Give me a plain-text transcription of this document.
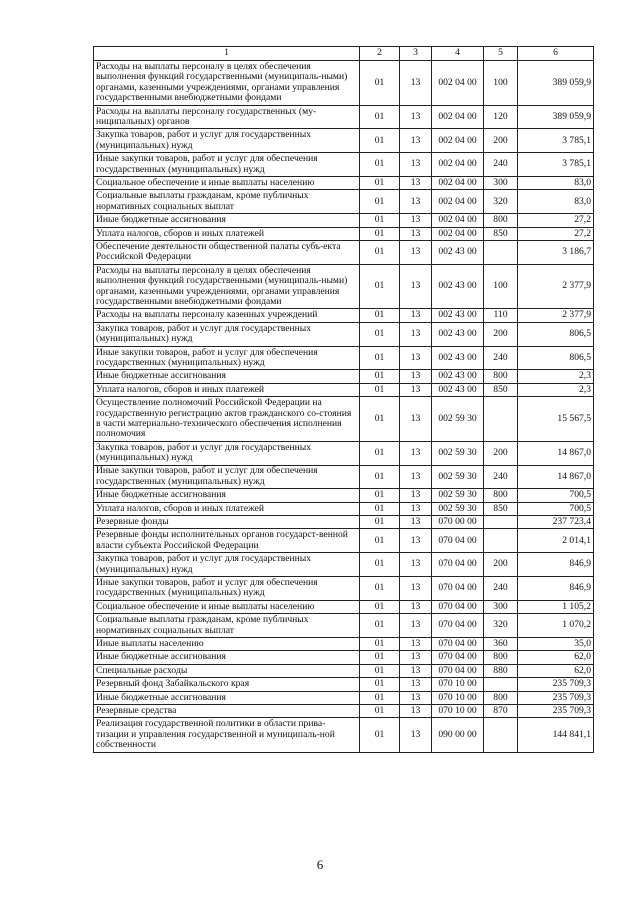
1	2	3	4	5	6
Расходы на выплаты персоналу в целях обеспечения выполнения функций государственными (муниципаль-ными) органами, казенными учреждениями, органами управления государственными внебюджетными фондами	01	13	002 04 00	100	389 059,9
Расходы на выплаты персоналу государственных (му-ниципальных) органов	01	13	002 04 00	120	389 059,9
Закупка товаров, работ и услуг для государственных (муниципальных) нужд	01	13	002 04 00	200	3 785,1
Иные закупки товаров, работ и услуг для обеспечения государственных (муниципальных) нужд	01	13	002 04 00	240	3 785,1
Социальное обеспечение и иные выплаты населению	01	13	002 04 00	300	83,0
Социальные выплаты гражданам, кроме публичных нормативных социальных выплат	01	13	002 04 00	320	83,0
Иные бюджетные ассигнования	01	13	002 04 00	800	27,2
Уплата налогов, сборов и иных платежей	01	13	002 04 00	850	27,2
Обеспечение деятельности общественной палаты субъ-екта Российской Федерации	01	13	002 43 00		3 186,7
Расходы на выплаты персоналу в целях обеспечения выполнения функций государственными (муниципаль-ными) органами, казенными учреждениями, органами управления государственными внебюджетными фондами	01	13	002 43 00	100	2 377,9
Расходы на выплаты персоналу казенных учреждений	01	13	002 43 00	110	2 377,9
Закупка товаров, работ и услуг для государственных (муниципальных) нужд	01	13	002 43 00	200	806,5
Иные закупки товаров, работ и услуг для обеспечения государственных (муниципальных) нужд	01	13	002 43 00	240	806,5
Иные бюджетные ассигнования	01	13	002 43 00	800	2,3
Уплата налогов, сборов и иных платежей	01	13	002 43 00	850	2,3
Осуществление полномочий Российской Федерации на государственную регистрацию актов гражданского со-стояния в части материально-технического обеспечения исполнения полномочия	01	13	002 59 30		15 567,5
Закупка товаров, работ и услуг для государственных (муниципальных) нужд	01	13	002 59 30	200	14 867,0
Иные закупки товаров, работ и услуг для обеспечения государственных (муниципальных) нужд	01	13	002 59 30	240	14 867,0
Иные бюджетные ассигнования	01	13	002 59 30	800	700,5
Уплата налогов, сборов и иных платежей	01	13	002 59 30	850	700,5
Резервные фонды	01	13	070 00 00		237 723,4
Резервные фонды исполнительных органов государст-венной власти субъекта Российской Федерации	01	13	070 04 00		2 014,1
Закупка товаров, работ и услуг для государственных (муниципальных) нужд	01	13	070 04 00	200	846,9
Иные закупки товаров, работ и услуг для обеспечения государственных (муниципальных) нужд	01	13	070 04 00	240	846,9
Социальное обеспечение и иные выплаты населению	01	13	070 04 00	300	1 105,2
Социальные выплаты гражданам, кроме публичных нормативных социальных выплат	01	13	070 04 00	320	1 070,2
Иные выплаты населению	01	13	070 04 00	360	35,0
Иные бюджетные ассигнования	01	13	070 04 00	800	62,0
Специальные расходы	01	13	070 04 00	880	62,0
Резервный фонд Забайкальского края	01	13	070 10 00		235 709,3
Иные бюджетные ассигнования	01	13	070 10 00	800	235 709,3
Резервные средства	01	13	070 10 00	870	235 709,3
Реализация государственной политики в области прива-тизации и управления государственной и муниципаль-ной собственности	01	13	090 00 00		144 841,1
6
